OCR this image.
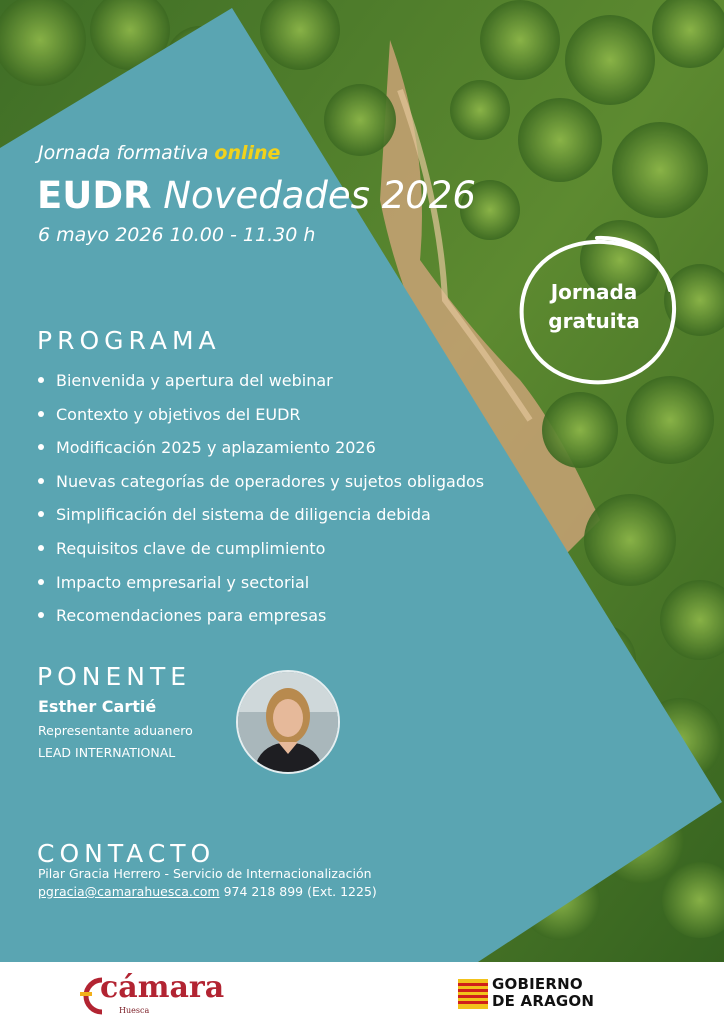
Jornada formativa online
EUDR Novedades 2026
6 mayo 2026 10.00 - 11.30 h
Jornada
gratuita
PROGRAMA
Bienvenida y apertura del webinar
Contexto y objetivos del EUDR
Modificación 2025 y aplazamiento 2026
Nuevas categorías de operadores y sujetos obligados
Simplificación del sistema de diligencia debida
Requisitos clave de cumplimiento
Impacto empresarial y sectorial
Recomendaciones para empresas
PONENTE
Esther Cartié
Representante aduanero
LEAD INTERNATIONAL
CONTACTO
Pilar Gracia Herrero - Servicio de Internacionalización
pgracia@camarahuesca.com 974 218 899 (Ext. 1225)
cámara
Huesca
GOBIERNO
DE ARAGON
